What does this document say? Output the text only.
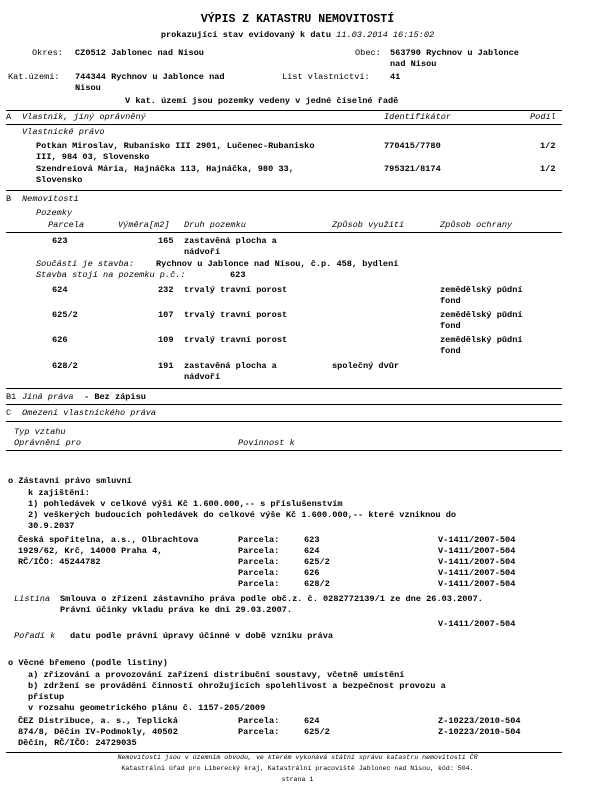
VÝPIS Z KATASTRU NEMOVITOSTÍ
prokazující stav evidovaný k datu 11.03.2014 16:15:02
Okres: CZ0512 Jablonec nad Nisou	Obec: 563790 Rychnov u Jablonce
nad Nisou
Kat.území: 744344 Rychnov u Jablonce nad
Nisou
List vlastnictví: 41
V kat. území jsou pozemky vedeny v jedné číselné řadě
A Vlastník, jiný oprávněný	Identifikátor	Podíl
Vlastnické právo
Potkan Miroslav, Rubanisko III 2901, Lučenec-Rubanisko
III, 984 03, Slovensko
770415/7780	1/2
Szendreiová Mária, Hajnáčka 113, Hajnáčka, 980 33,
Slovensko
795321/8174	1/2
B Nemovitosti
Pozemky
Parcela	Výměra[m2] Druh pozemku	Způsob využití	Způsob ochrany
623	165 zastavěná plocha a
nádvoří
Součástí je stavba:	Rychnov u Jablonce nad Nisou, č.p. 458, bydlení
Stavba stojí na pozemku p.č.:	623
624	232 trvalý travní porost	zemědělský půdní
fond
625/2	107 trvalý travní porost	zemědělský půdní
fond
626	109 trvalý travní porost	zemědělský půdní
fond
628/2	191 zastavěná plocha a
nádvoří
společný dvůr
B1 Jiná práva - Bez zápisu
C Omezení vlastnického práva
Typ vztahu
Oprávnění pro	Povinnost k
o Zástavní právo smluvní
k zajištění:
1) pohledávek v celkové výši Kč 1.600.000,-- s příslušenstvím
2) veškerých budoucích pohledávek do celkové výše Kč 1.600.000,-- které vzniknou do
30.9.2037
Česká spořitelna, a.s., Olbrachtova
1929/62, Krč, 14000 Praha 4,
RČ/IČO: 45244782
Parcela:	623	V-1411/2007-504
Parcela:	624	V-1411/2007-504
Parcela:	625/2	V-1411/2007-504
Parcela:	626	V-1411/2007-504
Parcela:	628/2	V-1411/2007-504
Listina Smlouva o zřízení zástavního práva podle obč.z. č. 0282772139/1 ze dne 26.03.2007.
Právní účinky vkladu práva ke dni 29.03.2007.
V-1411/2007-504
Pořadí k datu podle právní úpravy účinné v době vzniku práva
o Věcné břemeno (podle listiny)
a) zřizování a provozování zařízení distribuční soustavy, včetně umístění
b) zdržení se provádění činností ohrožujících spolehlivost a bezpečnost provozu a
přístup
v rozsahu geometrického plánu č. 1157-205/2009
ČEZ Distribuce, a. s., Teplická
874/8, Děčín IV-Podmokly, 40502
Děčín, RČ/IČO: 24729035
Parcela:	624	Z-10223/2010-504
Parcela:	625/2	Z-10223/2010-504
Nemovitosti jsou v územním obvodu, ve kterém vykonává státní správu katastru nemovitostí ČR
Katastrální úřad pro Liberecký kraj, Katastrální pracoviště Jablonec nad Nisou, kód: 504.
strana 1
